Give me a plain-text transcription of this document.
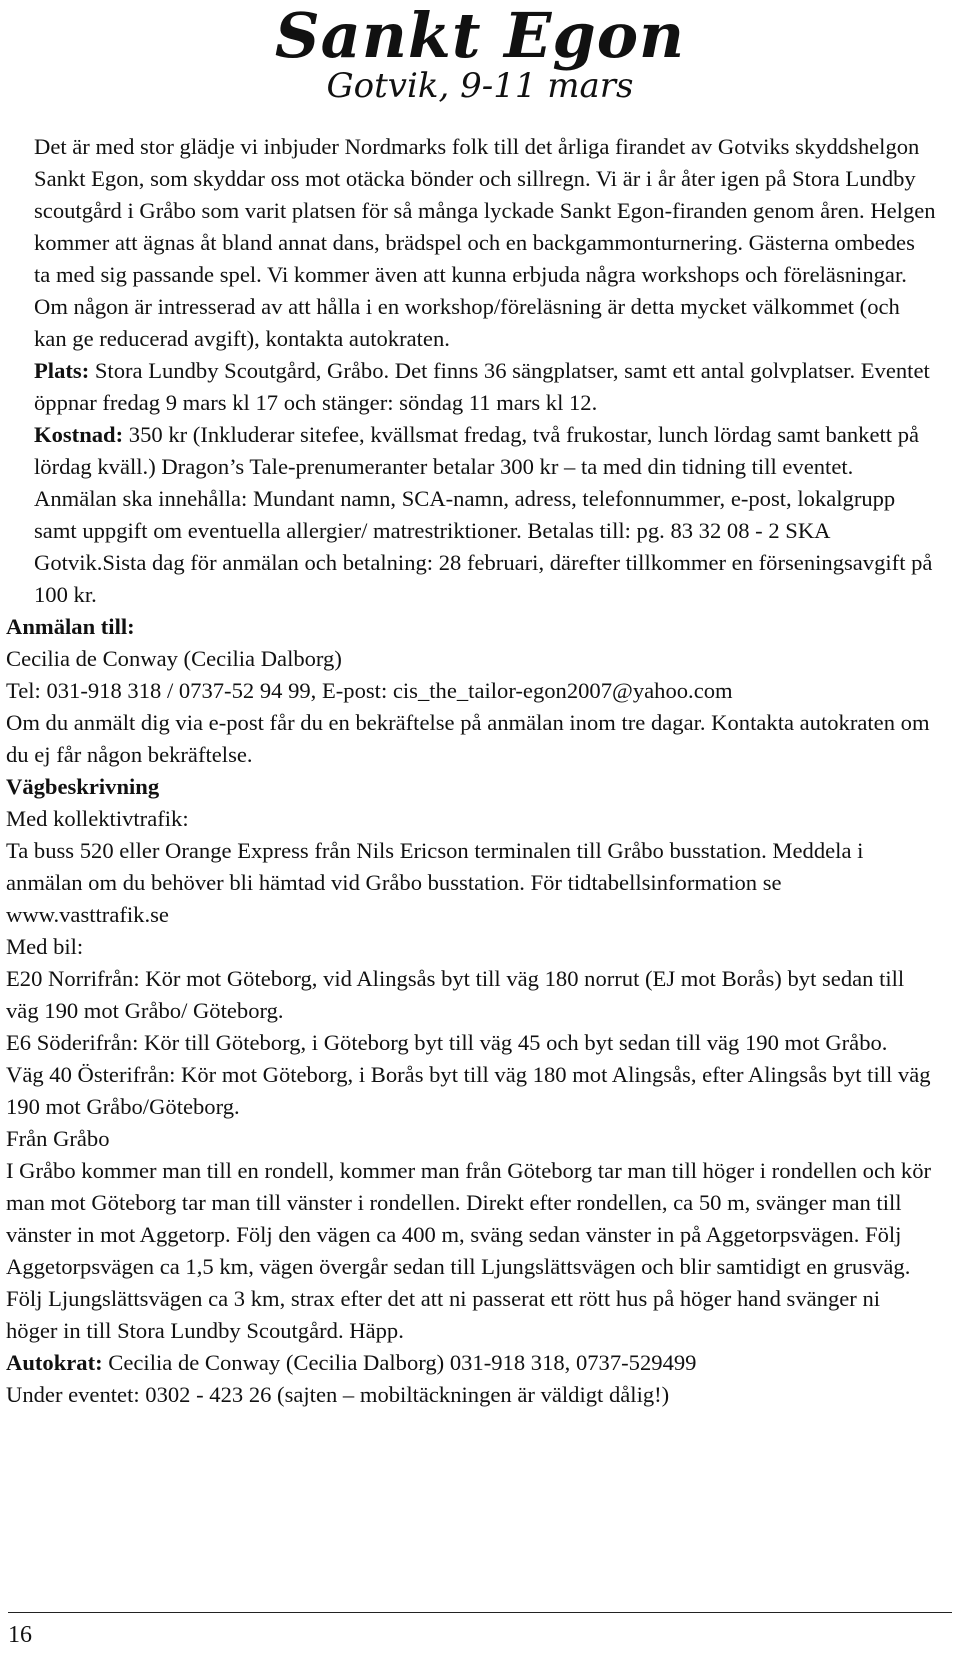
Sankt Egon
Gotvik, 9-11 mars

Det är med stor glädje vi inbjuder Nordmarks folk till det årliga firandet av Gotviks skyddshelgon Sankt Egon, som skyddar oss mot otäcka bönder och sillregn. Vi är i år åter igen på Stora Lundby scoutgård i Gråbo som varit platsen för så många lyckade Sankt Egon-firanden genom åren. Helgen kommer att ägnas åt bland annat dans, brädspel och en backgammonturnering. Gästerna ombedes ta med sig passande spel. Vi kommer även att kunna erbjuda några workshops och föreläsningar. Om någon är intresserad av att hålla i en workshop/föreläsning är detta mycket välkommet (och kan ge reducerad avgift), kontakta autokraten.

Plats: Stora Lundby Scoutgård, Gråbo. Det finns 36 sängplatser, samt ett antal golvplatser. Eventet öppnar fredag 9 mars kl 17 och stänger: söndag 11 mars kl 12.

Kostnad: 350 kr (Inkluderar sitefee, kvällsmat fredag, två frukostar, lunch lördag samt bankett på lördag kväll.) Dragon’s Tale-prenumeranter betalar 300 kr – ta med din tidning till eventet. Anmälan ska innehålla: Mundant namn, SCA-namn, adress, telefonnummer, e-post, lokalgrupp samt uppgift om eventuella allergier/ matrestriktioner. Betalas till: pg. 83 32 08 - 2 SKA Gotvik.Sista dag för anmälan och betalning: 28 februari, därefter tillkommer en förseningsavgift på 100 kr.

Anmälan till:

Cecilia de Conway (Cecilia Dalborg)

Tel: 031-918 318 / 0737-52 94 99, E-post: cis_the_tailor-egon2007@yahoo.com

Om du anmält dig via e-post får du en bekräftelse på anmälan inom tre dagar. Kontakta autokraten om du ej får någon bekräftelse.

Vägbeskrivning

Med kollektivtrafik:

Ta buss 520 eller Orange Express från Nils Ericson terminalen till Gråbo busstation. Meddela i anmälan om du behöver bli hämtad vid Gråbo busstation. För tidtabellsinformation se www.vasttrafik.se

Med bil:

E20 Norrifrån: Kör mot Göteborg, vid Alingsås byt till väg 180 norrut (EJ mot Borås) byt sedan till väg 190 mot Gråbo/ Göteborg.

E6 Söderifrån: Kör till Göteborg, i Göteborg byt till väg 45 och byt sedan till väg 190 mot Gråbo.

Väg 40 Österifrån: Kör mot Göteborg, i Borås byt till väg 180 mot Alingsås, efter Alingsås byt till väg 190 mot Gråbo/Göteborg.

Från Gråbo

I Gråbo kommer man till en rondell, kommer man från Göteborg tar man till höger i rondellen och kör man mot Göteborg tar man till vänster i rondellen. Direkt efter rondellen, ca 50 m, svänger man till vänster in mot Aggetorp. Följ den vägen ca 400 m, sväng sedan vänster in på Aggetorpsvägen. Följ Aggetorpsvägen ca 1,5 km, vägen övergår sedan till Ljungslättsvägen och blir samtidigt en grusväg. Följ Ljungslättsvägen ca 3 km, strax efter det att ni passerat ett rött hus på höger hand svänger ni höger in till Stora Lundby Scoutgård. Häpp.

Autokrat: Cecilia de Conway (Cecilia Dalborg) 031-918 318, 0737-529499

Under eventet: 0302 - 423 26 (sajten – mobiltäckningen är väldigt dålig!)

16
